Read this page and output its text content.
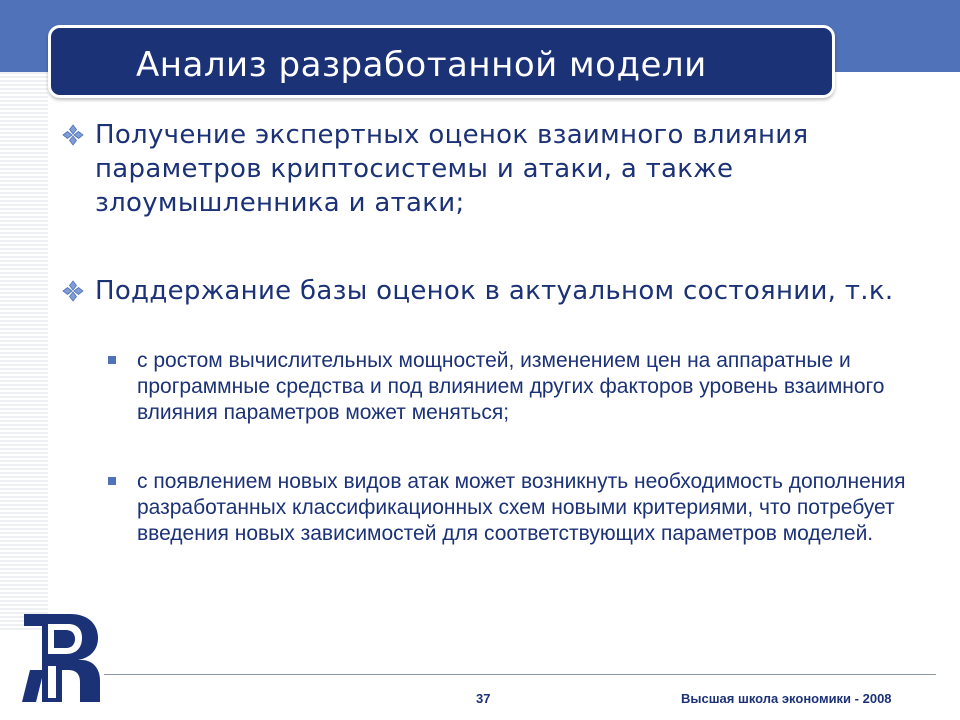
Анализ разработанной модели
Получение экспертных оценок взаимного влияния параметров криптосистемы и атаки, а также злоумышленника и атаки;
Поддержание базы оценок в актуальном состоянии, т.к.
с ростом вычислительных мощностей, изменением цен на аппаратные и программные средства и под влиянием других факторов уровень взаимного влияния параметров может меняться;
с появлением новых видов атак может возникнуть необходимость дополнения разработанных классификационных схем новыми критериями, что потребует введения новых зависимостей для соответствующих параметров моделей.
37	Высшая школа экономики - 2008
